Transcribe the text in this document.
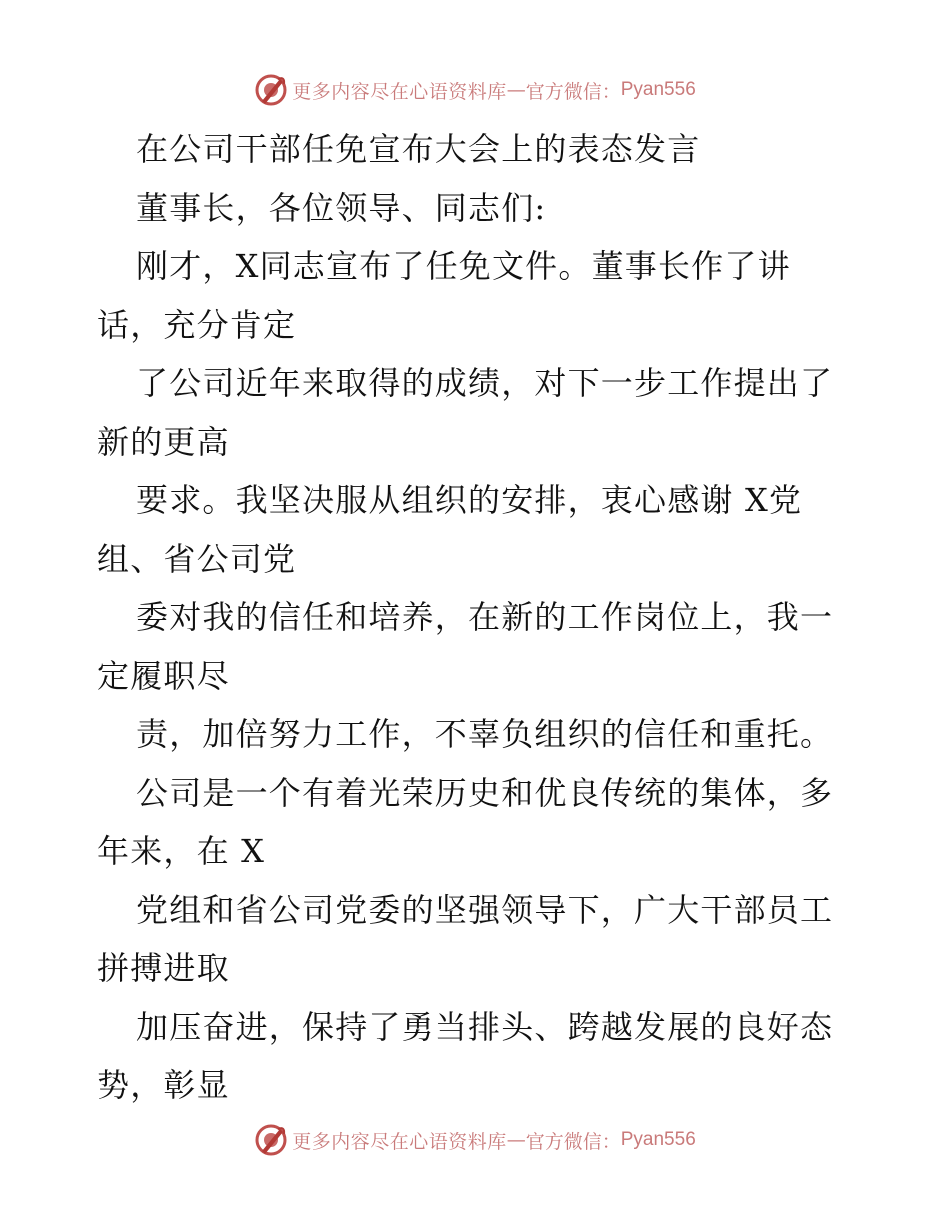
更多内容尽在心语资料库 — 官方微信： Pyan556
在公司干部任免宣布大会上的表态发言
董事长，各位领导、同志们:
刚才，X同志宣布了任免文件。董事长作了讲
话，充分肯定
了公司近年来取得的成绩，对下一步工作提出了
新的更高
要求。我坚决服从组织的安排，衷心感谢 X党
组、省公司党
委对我的信任和培养，在新的工作岗位上，我一
定履职尽
责，加倍努力工作，不辜负组织的信任和重托。
公司是一个有着光荣历史和优良传统的集体，多
年来，在 X
党组和省公司党委的坚强领导下，广大干部员工
拼搏进取
加压奋进，保持了勇当排头、跨越发展的良好态
势，彰显
更多内容尽在心语资料库 — 官方微信： Pyan556
